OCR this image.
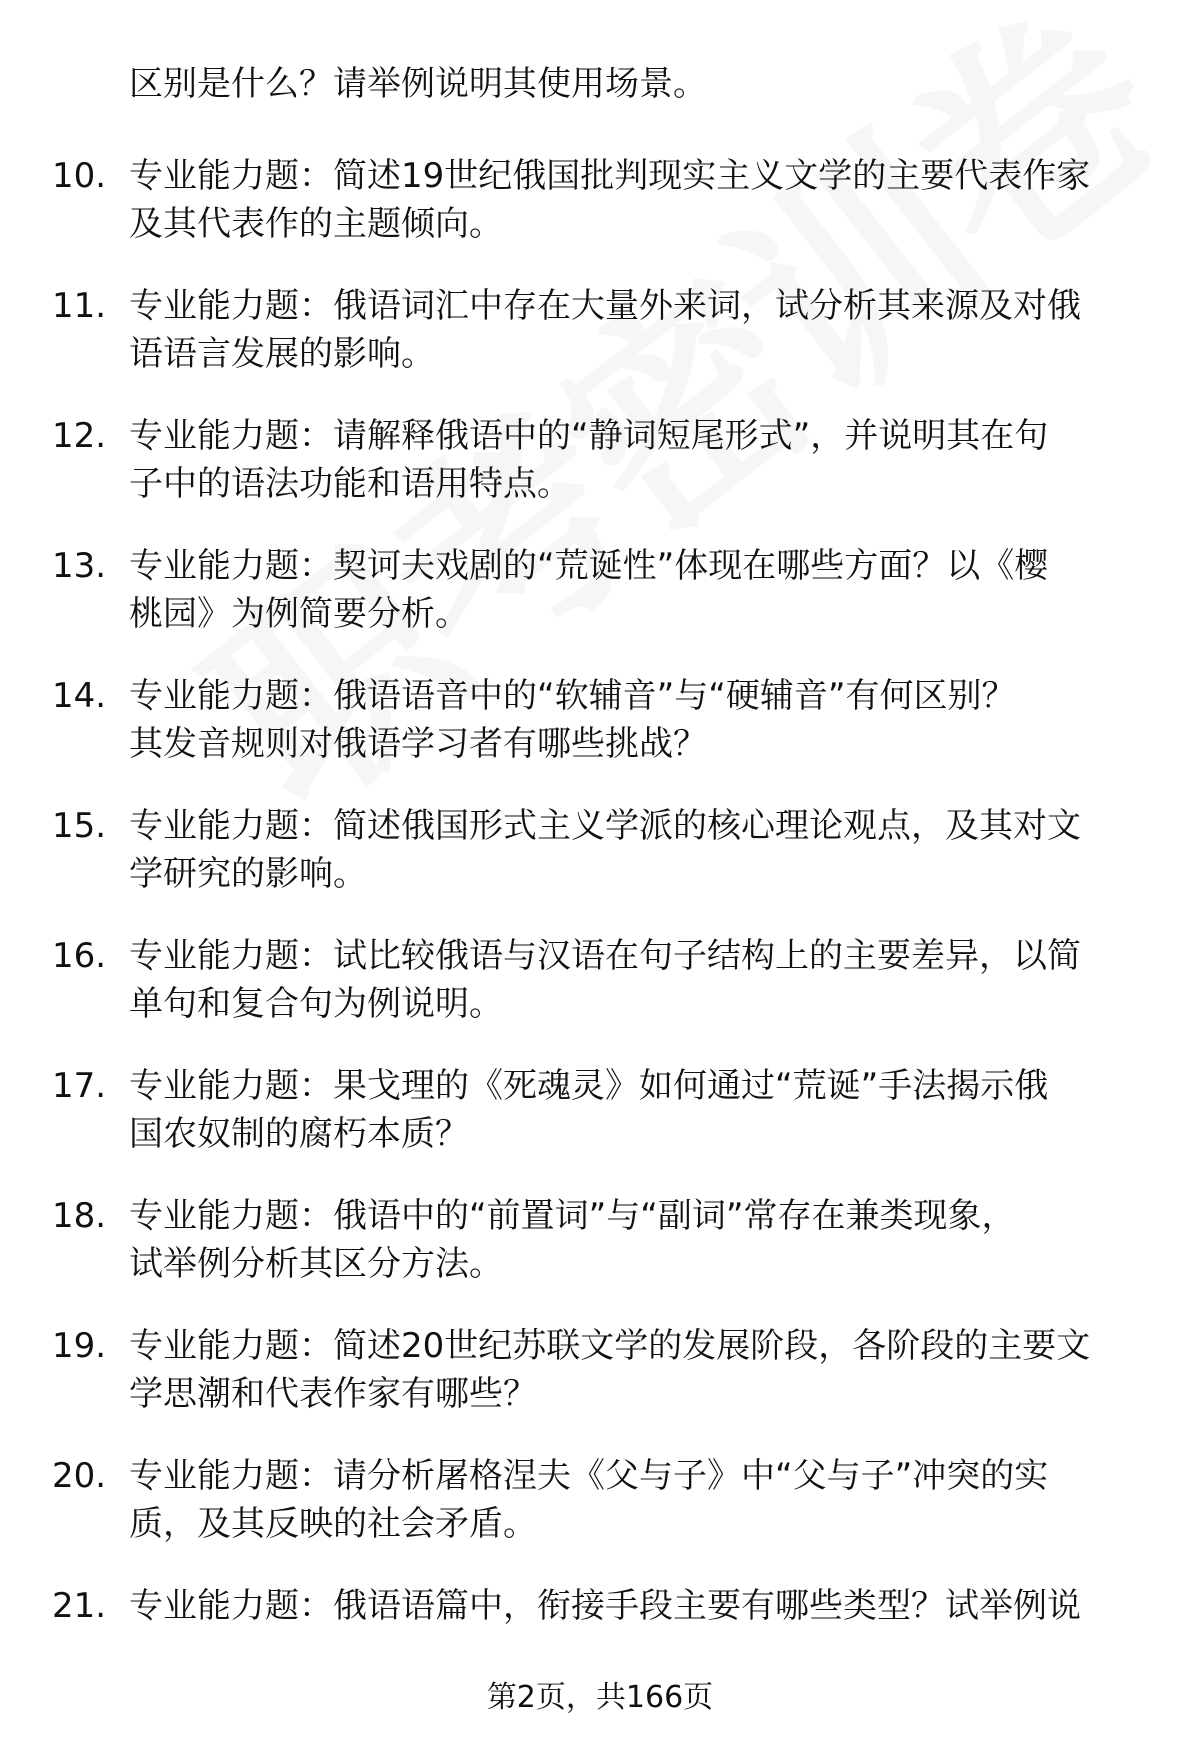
区别是什么？请举例说明其使用场景。

10. 专业能力题：简述19世纪俄国批判现实主义文学的主要代表作家
及其代表作的主题倾向。
11. 专业能力题：俄语词汇中存在大量外来词，试分析其来源及对俄
语语言发展的影响。
12. 专业能力题：请解释俄语中的“静词短尾形式”，并说明其在句
子中的语法功能和语用特点。
13. 专业能力题：契诃夫戏剧的“荒诞性”体现在哪些方面？以《樱
桃园》为例简要分析。
14. 专业能力题：俄语语音中的“软辅音”与“硬辅音”有何区别？
其发音规则对俄语学习者有哪些挑战？
15. 专业能力题：简述俄国形式主义学派的核心理论观点，及其对文
学研究的影响。
16. 专业能力题：试比较俄语与汉语在句子结构上的主要差异，以简
单句和复合句为例说明。
17. 专业能力题：果戈理的《死魂灵》如何通过“荒诞”手法揭示俄
国农奴制的腐朽本质？
18. 专业能力题：俄语中的“前置词”与“副词”常存在兼类现象，
试举例分析其区分方法。
19. 专业能力题：简述20世纪苏联文学的发展阶段，各阶段的主要文
学思潮和代表作家有哪些？
20. 专业能力题：请分析屠格涅夫《父与子》中“父与子”冲突的实
质，及其反映的社会矛盾。
21. 专业能力题：俄语语篇中，衔接手段主要有哪些类型？试举例说
第2页，共166页
